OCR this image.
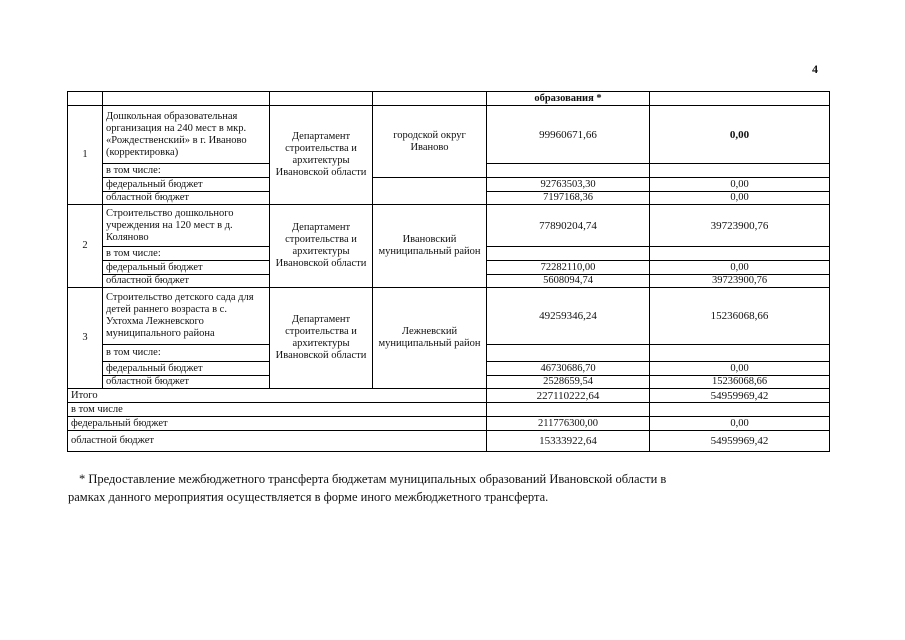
4
				образования *	
1	Дошкольная образовательная организация на 240 мест в мкр. «Рождественский» в г. Иваново (корректировка)	Департамент строительства и архитектуры Ивановской области	городской округ Иваново	99960671,66	0,00
	в том числе:				
	федеральный бюджет			92763503,30	0,00
	областной бюджет			7197168,36	0,00
2	Строительство дошкольного учреждения на 120 мест в д. Коляново	Департамент строительства и архитектуры Ивановской области	Ивановский муниципальный район	77890204,74	39723900,76
	в том числе:				
	федеральный бюджет			72282110,00	0,00
	областной бюджет			5608094,74	39723900,76
3	Строительство детского сада для детей раннего возраста в с. Ухтохма Лежневского муниципального района	Департамент строительства и архитектуры Ивановской области	Лежневский муниципальный район	49259346,24	15236068,66
	в том числе:				
	федеральный бюджет			46730686,70	0,00
	областной бюджет			2528659,54	15236068,66
Итого				227110222,64	54959969,42
в том числе					
федеральный бюджет				211776300,00	0,00
областной бюджет				15333922,64	54959969,42
* Предоставление межбюджетного трансферта бюджетам муниципальных образований Ивановской области в
рамках данного мероприятия осуществляется в форме иного межбюджетного трансферта.
